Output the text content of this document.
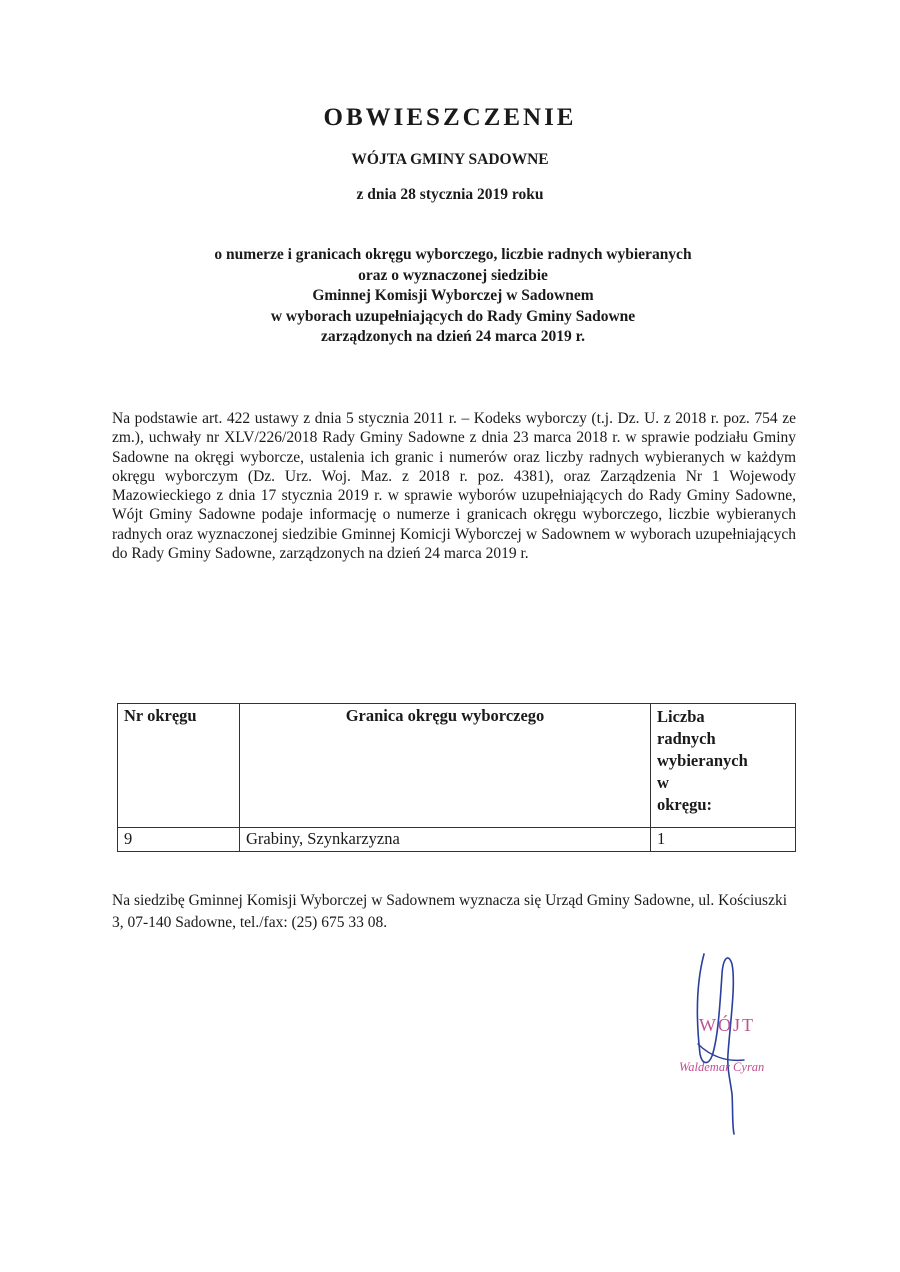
OBWIESZCZENIE
WÓJTA GMINY SADOWNE
z dnia 28 stycznia 2019 roku
o numerze i granicach okręgu wyborczego, liczbie radnych wybieranych
oraz o wyznaczonej siedzibie
Gminnej Komisji Wyborczej w Sadownem
w wyborach uzupełniających do Rady Gminy Sadowne
zarządzonych na dzień 24 marca 2019 r.
Na podstawie art. 422 ustawy z dnia 5 stycznia 2011 r. – Kodeks wyborczy (t.j. Dz. U. z 2018 r. poz. 754 ze zm.), uchwały nr XLV/226/2018 Rady Gminy Sadowne z dnia 23 marca 2018 r. w sprawie podziału Gminy Sadowne na okręgi wyborcze, ustalenia ich granic i numerów oraz liczby radnych wybieranych w każdym okręgu wyborczym (Dz. Urz. Woj. Maz. z 2018 r. poz. 4381), oraz Zarządzenia Nr 1 Wojewody Mazowieckiego z dnia 17 stycznia 2019 r. w sprawie wyborów uzupełniających do Rady Gminy Sadowne, Wójt Gminy Sadowne podaje informację o numerze i granicach okręgu wyborczego, liczbie wybieranych radnych oraz wyznaczonej siedzibie Gminnej Komicji Wyborczej w Sadownem w wyborach uzupełniających do Rady Gminy Sadowne, zarządzonych na dzień 24 marca 2019 r.
Nr okręgu	Granica okręgu wyborczego	Liczba
radnych
wybieranych
w
okręgu:
9	Grabiny, Szynkarzyzna	1
Na siedzibę Gminnej Komisji Wyborczej w Sadownem wyznacza się Urząd Gminy Sadowne, ul. Kościuszki 3, 07-140 Sadowne, tel./fax: (25) 675 33 08.
WÓJT
Waldemar Cyran
